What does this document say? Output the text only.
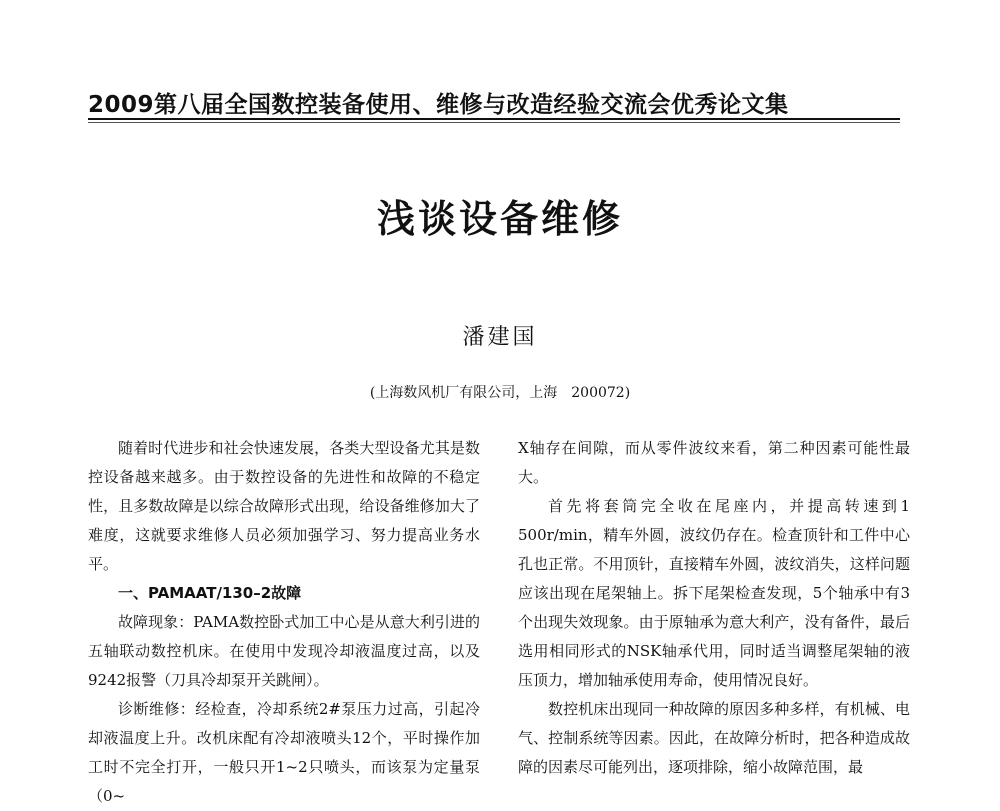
2009第八届全国数控装备使用、维修与改造经验交流会优秀论文集
浅谈设备维修
潘建国
(上海数风机厂有限公司，上海　200072)

随着时代进步和社会快速发展，各类大型设备尤其是数控设备越来越多。由于数控设备的先进性和故障的不稳定性，且多数故障是以综合故障形式出现，给设备维修加大了难度，这就要求维修人员必须加强学习、努力提高业务水平。

一、PAMAAT/130–2故障

故障现象：PAMA数控卧式加工中心是从意大利引进的五轴联动数控机床。在使用中发现冷却液温度过高，以及9242报警（刀具冷却泵开关跳闸）。

诊断维修：经检查，冷却系统2#泵压力过高，引起冷却液温度上升。改机床配有冷却液喷头12个，平时操作加工时不完全打开，一般只开1~2只喷头，而该泵为定量泵（0~

X轴存在间隙，而从零件波纹来看，第二种因素可能性最大。

首先将套筒完全收在尾座内，并提高转速到1 500r/min，精车外圆，波纹仍存在。检查顶针和工件中心孔也正常。不用顶针，直接精车外圆，波纹消失，这样问题应该出现在尾架轴上。拆下尾架检查发现，5个轴承中有3个出现失效现象。由于原轴承为意大利产，没有备件，最后选用相同形式的NSK轴承代用，同时适当调整尾架轴的液压顶力，增加轴承使用寿命，使用情况良好。

数控机床出现同一种故障的原因多种多样，有机械、电气、控制系统等因素。因此，在故障分析时，把各种造成故障的因素尽可能列出，逐项排除，缩小故障范围，最
